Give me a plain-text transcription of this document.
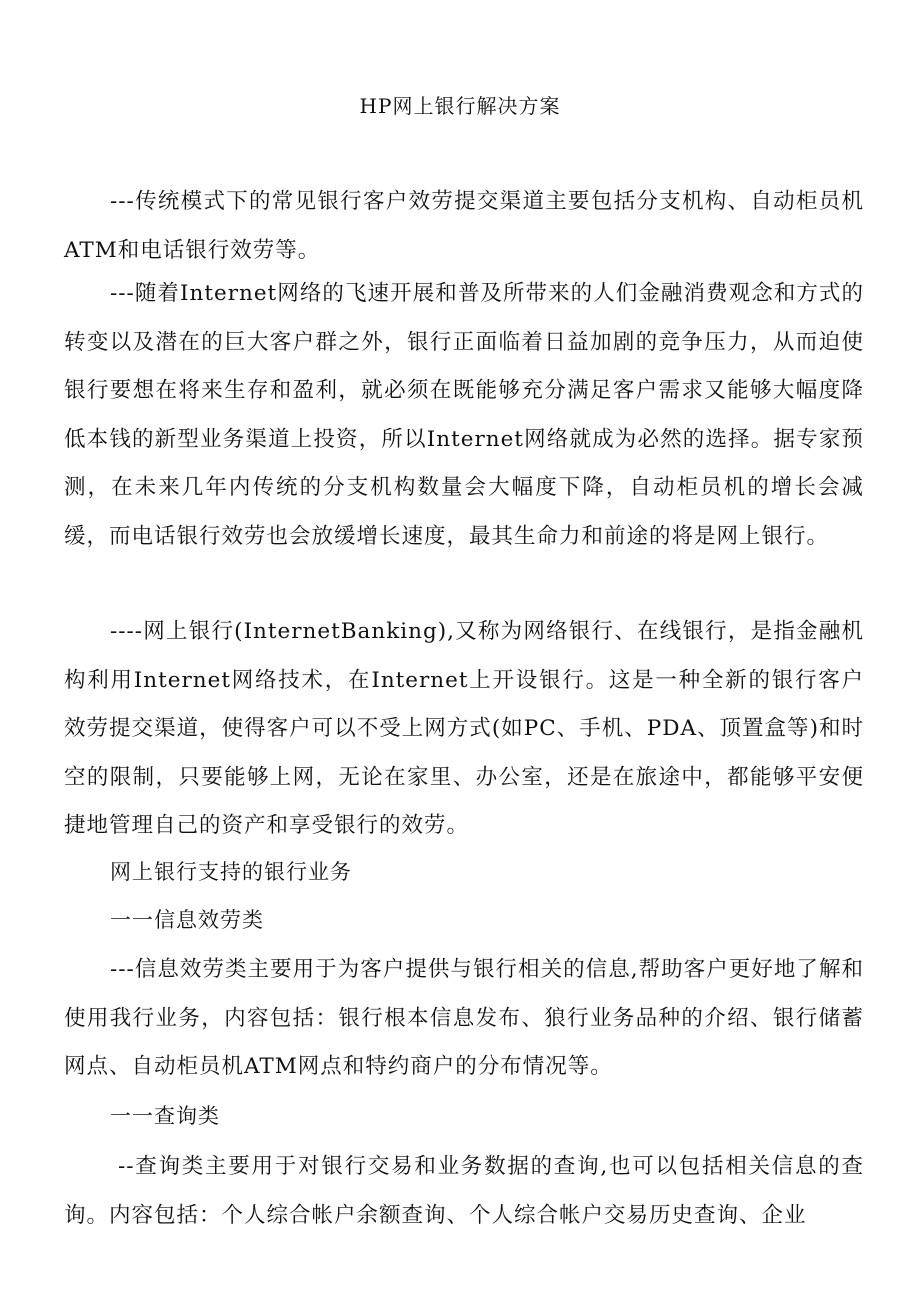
HP网上银行解决方案

---传统模式下的常见银行客户效劳提交渠道主要包括分支机构、自动柜员机ATM和电话银行效劳等。

---随着Internet网络的飞速开展和普及所带来的人们金融消费观念和方式的转变以及潜在的巨大客户群之外，银行正面临着日益加剧的竞争压力，从而迫使银行要想在将来生存和盈利，就必须在既能够充分满足客户需求又能够大幅度降低本钱的新型业务渠道上投资，所以Internet网络就成为必然的选择。据专家预测，在未来几年内传统的分支机构数量会大幅度下降，自动柜员机的增长会减缓，而电话银行效劳也会放缓增长速度，最其生命力和前途的将是网上银行。

----网上银行(InternetBanking),又称为网络银行、在线银行，是指金融机构利用Internet网络技术，在Internet上开设银行。这是一种全新的银行客户效劳提交渠道，使得客户可以不受上网方式(如PC、手机、PDA、顶置盒等)和时空的限制，只要能够上网，无论在家里、办公室，还是在旅途中，都能够平安便捷地管理自己的资产和享受银行的效劳。

网上银行支持的银行业务

一一信息效劳类

---信息效劳类主要用于为客户提供与银行相关的信息,帮助客户更好地了解和使用我行业务，内容包括：银行根本信息发布、狼行业务品种的介绍、银行储蓄网点、自动柜员机ATM网点和特约商户的分布情况等。

一一查询类

--查询类主要用于对银行交易和业务数据的查询,也可以包括相关信息的查询。内容包括：个人综合帐户余额查询、个人综合帐户交易历史查询、企业
